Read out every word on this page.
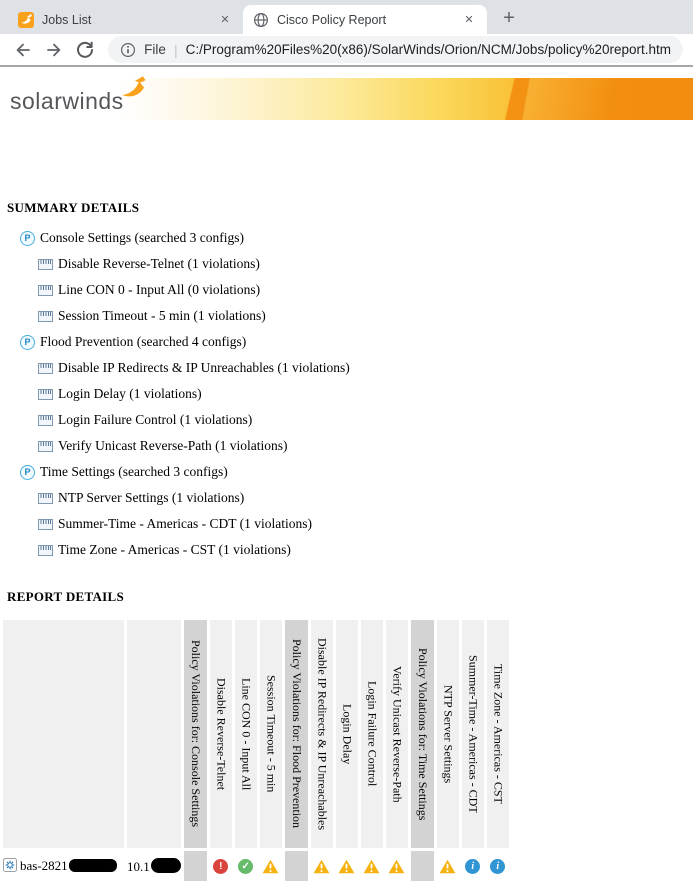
Jobs List	✕	Cisco Policy Report	✕	+
File | C:/Program%20Files%20(x86)/SolarWinds/Orion/NCM/Jobs/policy%20report.htm
solarwinds
SUMMARY DETAILS
P Console Settings (searched 3 configs)
Disable Reverse-Telnet (1 violations)
Line CON 0 - Input All (0 violations)
Session Timeout - 5 min (1 violations)
P Flood Prevention (searched 4 configs)
Disable IP Redirects & IP Unreachables (1 violations)
Login Delay (1 violations)
Login Failure Control (1 violations)
Verify Unicast Reverse-Path (1 violations)
P Time Settings (searched 3 configs)
NTP Server Settings (1 violations)
Summer-Time - Americas - CDT (1 violations)
Time Zone - Americas - CST (1 violations)
REPORT DETAILS

		Policy Violations for: Console Settings	Disable Reverse-Telnet	Line CON 0 - Input All	Session Timeout - 5 min	Policy Violations for: Flood Prevention	Disable IP Redirects & IP Unreachables	Login Delay	Login Failure Control	Verify Unicast Reverse-Path	Policy Violations for: Time Settings	NTP Server Settings	Summer-Time - Americas - CDT	Time Zone - Americas - CST

bas-2821	10.1		!	✓									i	i
